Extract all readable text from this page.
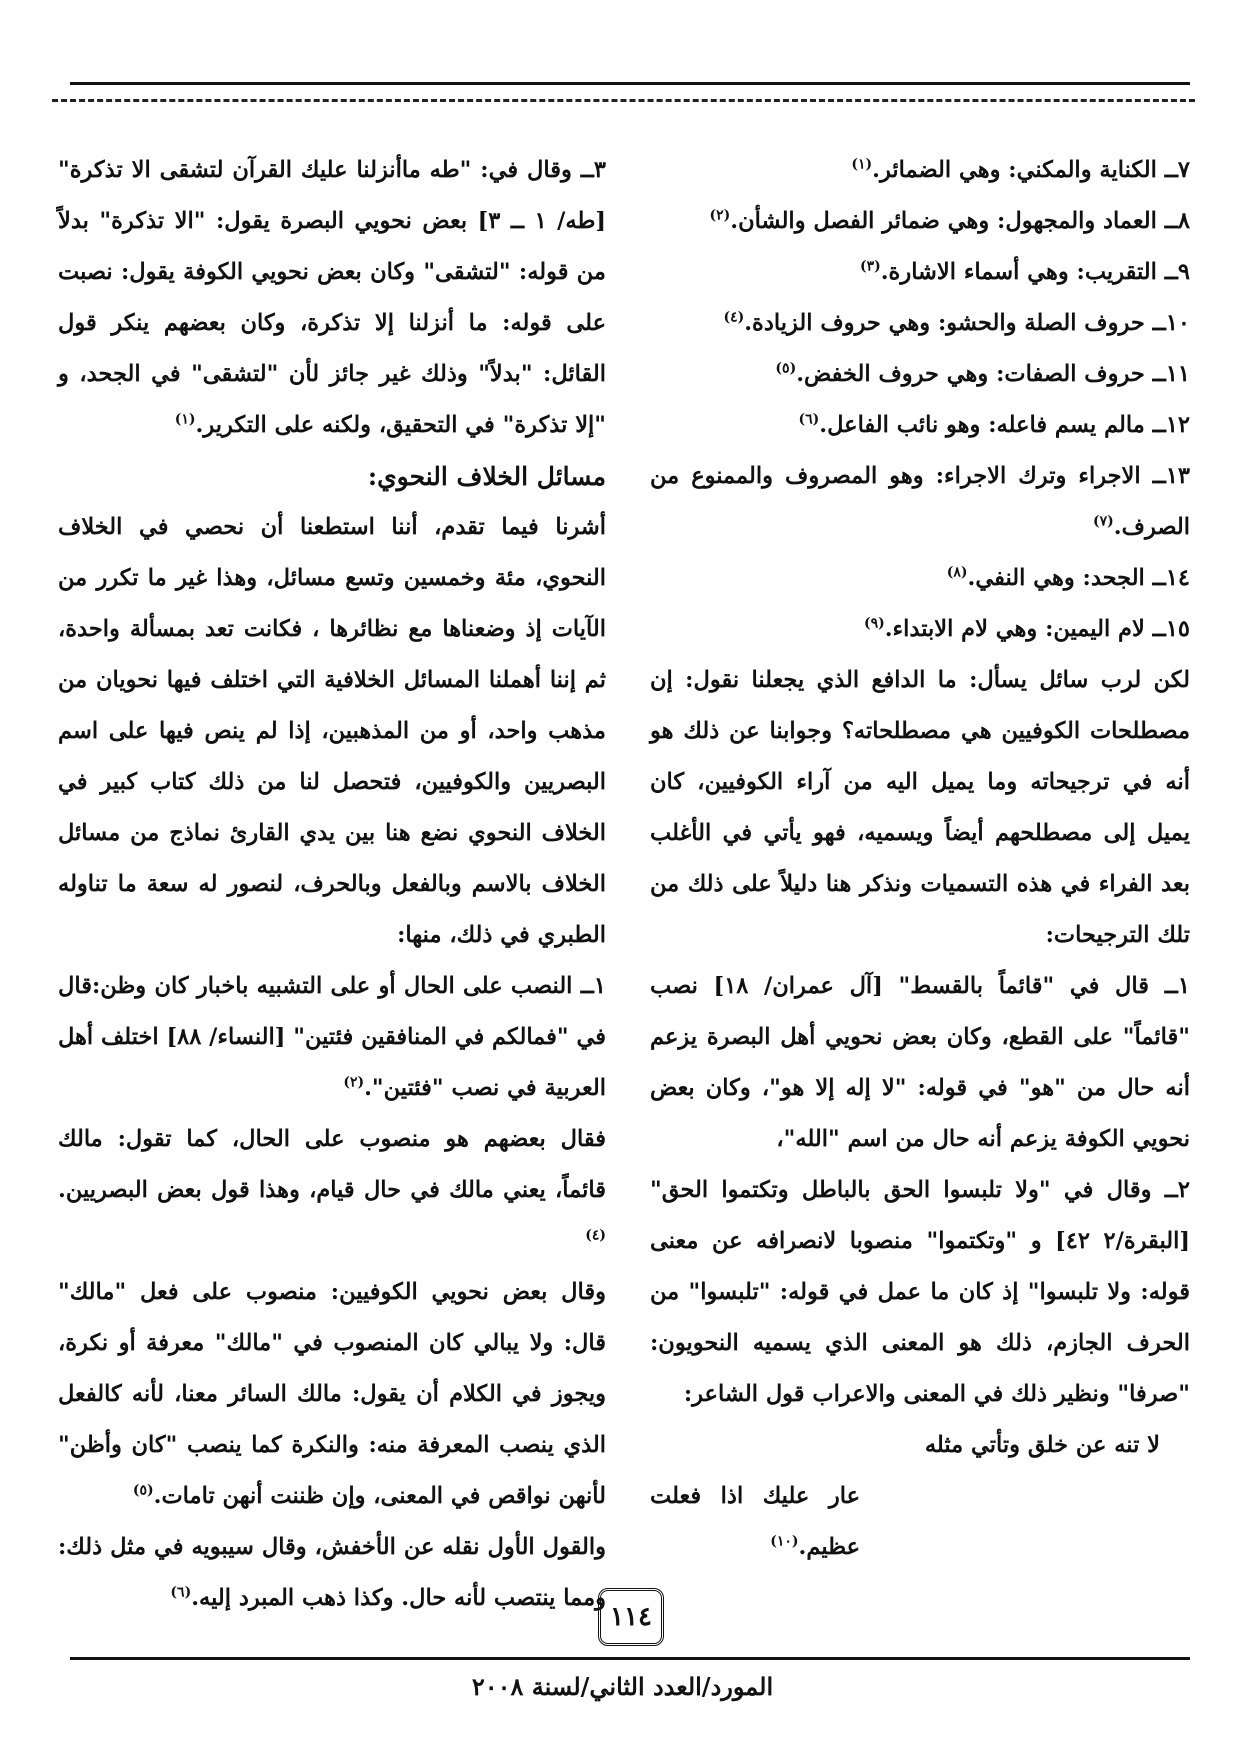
٧ــ الكناية والمكني: وهي الضمائر.$^{(١)}$
٨ــ العماد والمجهول: وهي ضمائر الفصل والشأن.$^{(٢)}$
٩ــ التقريب: وهي أسماء الاشارة.$^{(٣)}$
١٠ــ حروف الصلة والحشو: وهي حروف الزيادة.$^{(٤)}$
١١ــ حروف الصفات: وهي حروف الخفض.$^{(٥)}$
١٢ــ مالم يسم فاعله: وهو نائب الفاعل.$^{(٦)}$
١٣ــ الاجراء وترك الاجراء: وهو المصروف والممنوع من الصرف.$^{(٧)}$
١٤ــ الجحد: وهي النفي.$^{(٨)}$
١٥ــ لام اليمين: وهي لام الابتداء.$^{(٩)}$
لكن لرب سائل يسأل: ما الدافع الذي يجعلنا نقول: إن مصطلحات الكوفيين هي مصطلحاته؟ وجوابنا عن ذلك هو أنه في ترجيحاته وما يميل اليه من آراء الكوفيين، كان يميل إلى مصطلحهم أيضاً ويسميه، فهو يأتي في الأغلب بعد الفراء في هذه التسميات ونذكر هنا دليلاً على ذلك من تلك الترجيحات:
١ــ قال في "قائماً بالقسط" [آل عمران/ ١٨] نصب "قائماً" على القطع، وكان بعض نحويي أهل البصرة يزعم أنه حال من "هو" في قوله: "لا إله إلا هو"، وكان بعض نحويي الكوفة يزعم أنه حال من اسم "الله"،
٢ــ وقال في "ولا تلبسوا الحق بالباطل وتكتموا الحق" [البقرة/٢ ٤٢] و "وتكتموا" منصوبا لانصرافه عن معنى قوله: ولا تلبسوا" إذ كان ما عمل في قوله: "تلبسوا" من الحرف الجازم، ذلك هو المعنى الذي يسميه النحويون: "صرفا" ونظير ذلك في المعنى والاعراب قول الشاعر:
لا تنه عن خلق وتأتي مثله
عار عليك اذا فعلت عظيم.$^{(١٠)}$
٣ــ وقال في: "طه ماأنزلنا عليك القرآن لتشقى الا تذكرة" [طه/ ١ ــ ٣] بعض نحويي البصرة يقول: "الا تذكرة" بدلاً من قوله: "لتشقى" وكان بعض نحويي الكوفة يقول: نصبت على قوله: ما أنزلنا إلا تذكرة، وكان بعضهم ينكر قول القائل: "بدلاً" وذلك غير جائز لأن "لتشقى" في الجحد، و "إلا تذكرة" في التحقيق، ولكنه على التكرير.$^{(١)}$
مسائل الخلاف النحوي:
أشرنا فيما تقدم، أننا استطعنا أن نحصي في الخلاف النحوي، مئة وخمسين وتسع مسائل، وهذا غير ما تكرر من الآيات إذ وضعناها مع نظائرها ، فكانت تعد بمسألة واحدة، ثم إننا أهملنا المسائل الخلافية التي اختلف فيها نحويان من مذهب واحد، أو من المذهبين، إذا لم ينص فيها على اسم البصريين والكوفيين، فتحصل لنا من ذلك كتاب كبير في الخلاف النحوي نضع هنا بين يدي القارئ نماذج من مسائل الخلاف بالاسم وبالفعل وبالحرف، لنصور له سعة ما تناوله الطبري في ذلك، منها:
١ــ النصب على الحال أو على التشبيه باخبار كان وظن:قال في "فمالكم في المنافقين فئتين" [النساء/ ٨٨] اختلف أهل العربية في نصب "فئتين".$^{(٢)}$
فقال بعضهم هو منصوب على الحال، كما تقول: مالك قائماً، يعني مالك في حال قيام، وهذا قول بعض البصريين.$^{(٤)}$
وقال بعض نحويي الكوفيين: منصوب على فعل "مالك" قال: ولا يبالي كان المنصوب في "مالك" معرفة أو نكرة، ويجوز في الكلام أن يقول: مالك السائر معنا، لأنه كالفعل الذي ينصب المعرفة منه: والنكرة كما ينصب "كان وأظن" لأنهن نواقص في المعنى، وإن ظننت أنهن تامات.$^{(٥)}$
والقول الأول نقله عن الأخفش، وقال سيبويه في مثل ذلك: ومما ينتصب لأنه حال. وكذا ذهب المبرد إليه.$^{(٦)}$
١١٤
المورد/العدد الثاني/لسنة ٢٠٠٨
